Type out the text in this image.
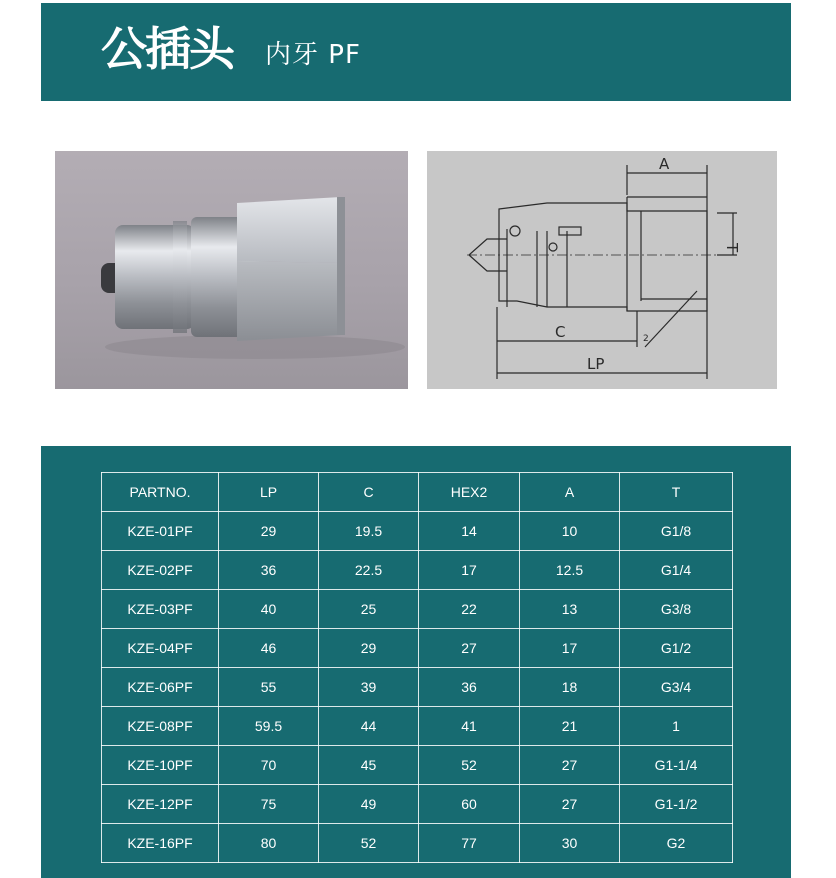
公插头 内牙 PF
A
T
C
LP
2
PARTNO.	LP	C	HEX2	A	T
KZE-01PF	29	19.5	14	10	G1/8
KZE-02PF	36	22.5	17	12.5	G1/4
KZE-03PF	40	25	22	13	G3/8
KZE-04PF	46	29	27	17	G1/2
KZE-06PF	55	39	36	18	G3/4
KZE-08PF	59.5	44	41	21	1
KZE-10PF	70	45	52	27	G1-1/4
KZE-12PF	75	49	60	27	G1-1/2
KZE-16PF	80	52	77	30	G2
